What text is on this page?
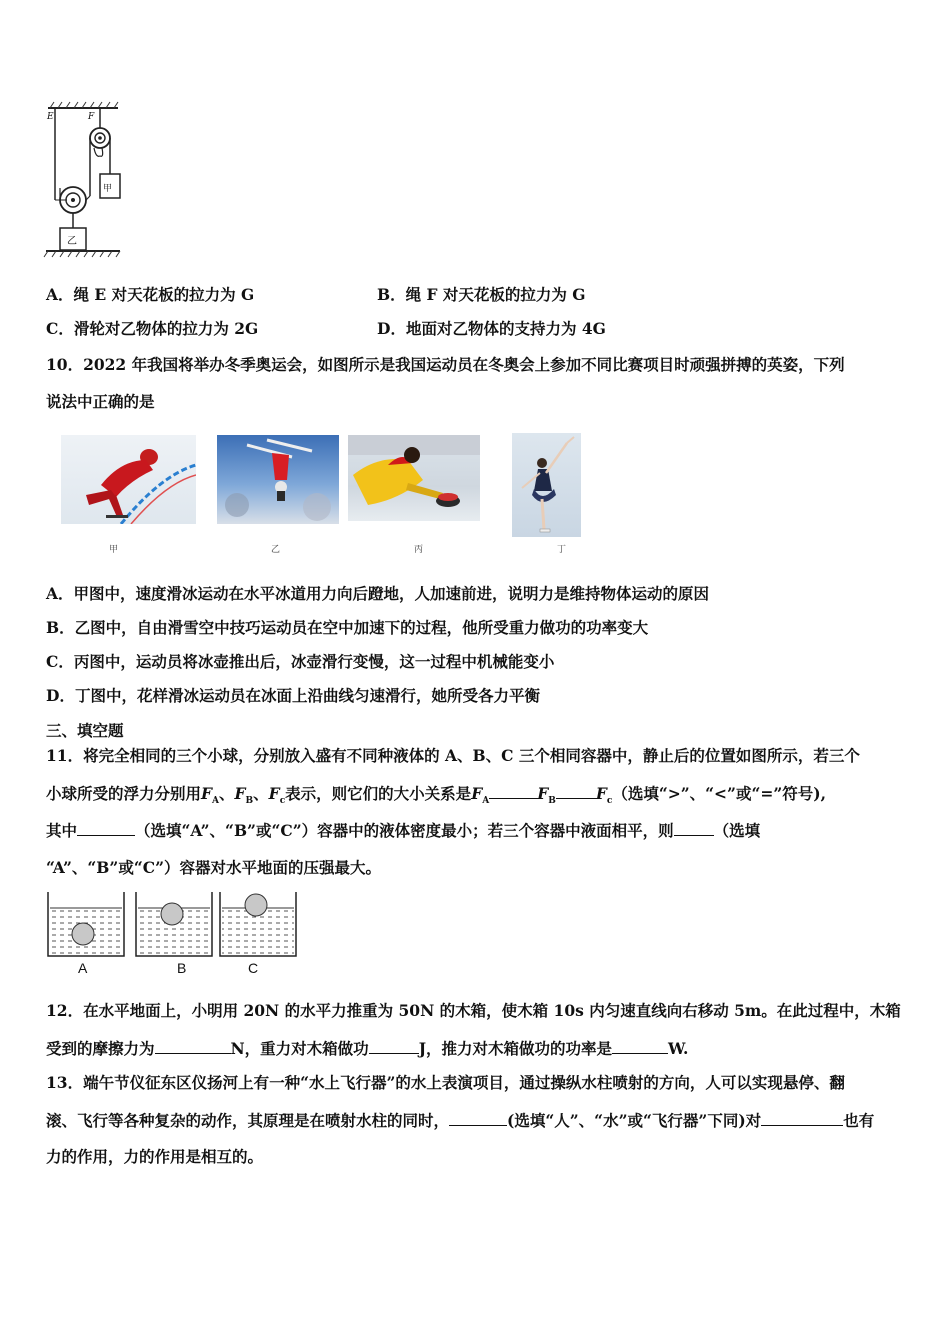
E	F
甲
乙
A．绳 E 对天花板的拉力为 G	B．绳 F 对天花板的拉力为 G
C．滑轮对乙物体的拉力为 2G	D．地面对乙物体的支持力为 4G
10．2022 年我国将举办冬季奥运会，如图所示是我国运动员在冬奥会上参加不同比赛项目时顽强拼搏的英姿，下列
说法中正确的是
甲	乙	丙	丁
A．甲图中，速度滑冰运动在水平冰道用力向后蹬地，人加速前进，说明力是维持物体运动的原因
B．乙图中，自由滑雪空中技巧运动员在空中加速下的过程，他所受重力做功的功率变大
C．丙图中，运动员将冰壶推出后，冰壶滑行变慢，这一过程中机械能变小
D．丁图中，花样滑冰运动员在冰面上沿曲线匀速滑行，她所受各力平衡
三、填空题
11．将完全相同的三个小球，分别放入盛有不同种液体的 A、B、C 三个相同容器中，静止后的位置如图所示，若三个
小球所受的浮力分别用$F_A$、$F_B$、$F_c$表示，则它们的大小关系是$F_A$	$F_B$	$F_c$（选填“>”、“<”或“=”符号),
其中	（选填“A”、“B”或“C”）容器中的液体密度最小；若三个容器中液面相平，则	（选填
“A”、“B”或“C”）容器对水平地面的压强最大。
A	B	C
12．在水平地面上，小明用 20N 的水平力推重为 50N 的木箱，使木箱 10s 内匀速直线向右移动 5m。在此过程中，木箱
受到的摩擦力为	N，重力对木箱做功	J，推力对木箱做功的功率是	W.
13．端午节仪征东区仪扬河上有一种“水上飞行器”的水上表演项目，通过操纵水柱喷射的方向，人可以实现悬停、翻
滚、飞行等各种复杂的动作，其原理是在喷射水柱的同时，	(选填“人”、“水”或“飞行器”下同)对	也有
力的作用，力的作用是相互的。
